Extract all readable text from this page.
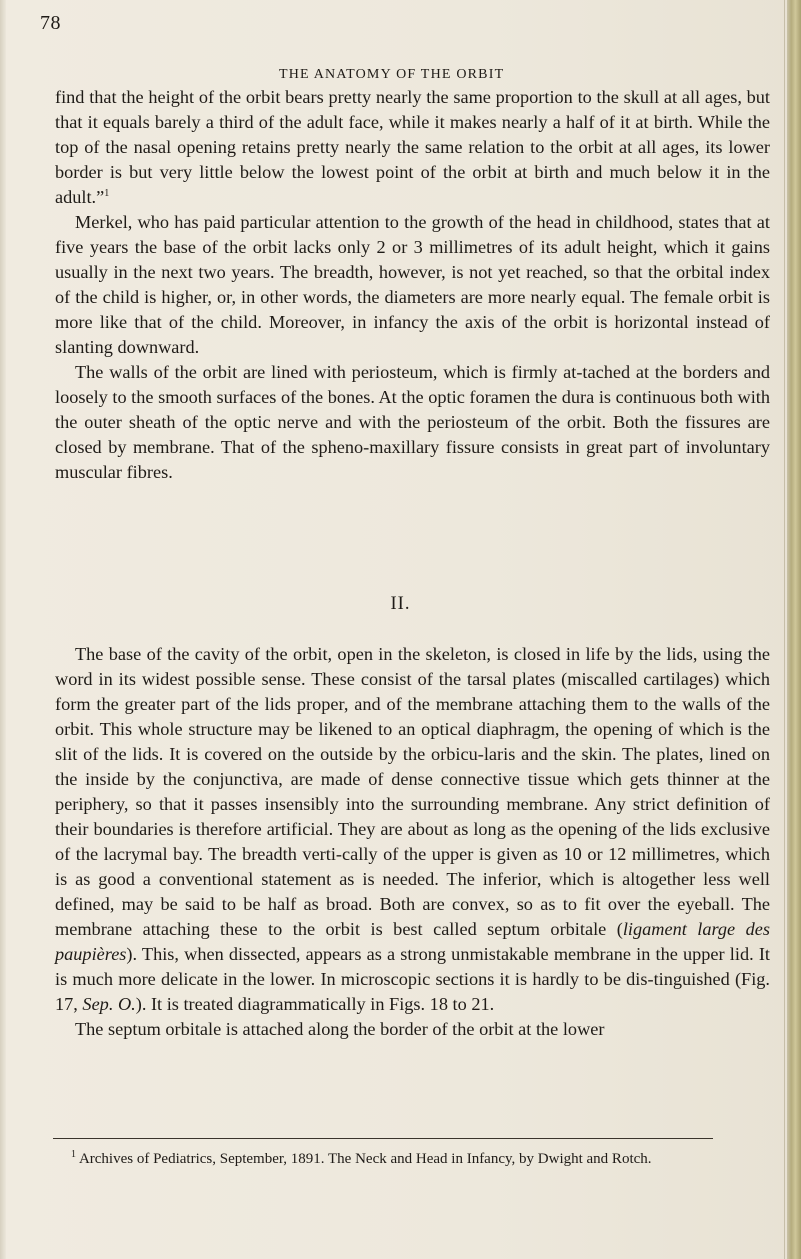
78
THE ANATOMY OF THE ORBIT

find that the height of the orbit bears pretty nearly the same proportion to the skull at all ages, but that it equals barely a third of the adult face, while it makes nearly a half of it at birth. While the top of the nasal opening retains pretty nearly the same relation to the orbit at all ages, its lower border is but very little below the lowest point of the orbit at birth and much below it in the adult.”$^1$

Merkel, who has paid particular attention to the growth of the head in childhood, states that at five years the base of the orbit lacks only 2 or 3 millimetres of its adult height, which it gains usually in the next two years. The breadth, however, is not yet reached, so that the orbital index of the child is higher, or, in other words, the diameters are more nearly equal. The female orbit is more like that of the child. Moreover, in infancy the axis of the orbit is horizontal instead of slanting downward.

The walls of the orbit are lined with periosteum, which is firmly at-tached at the borders and loosely to the smooth surfaces of the bones. At the optic foramen the dura is continuous both with the outer sheath of the optic nerve and with the periosteum of the orbit. Both the fissures are closed by membrane. That of the spheno-maxillary fissure consists in great part of involuntary muscular fibres.

II.

The base of the cavity of the orbit, open in the skeleton, is closed in life by the lids, using the word in its widest possible sense. These consist of the tarsal plates (miscalled cartilages) which form the greater part of the lids proper, and of the membrane attaching them to the walls of the orbit. This whole structure may be likened to an optical diaphragm, the opening of which is the slit of the lids. It is covered on the outside by the orbicu-laris and the skin. The plates, lined on the inside by the conjunctiva, are made of dense connective tissue which gets thinner at the periphery, so that it passes insensibly into the surrounding membrane. Any strict definition of their boundaries is therefore artificial. They are about as long as the opening of the lids exclusive of the lacrymal bay. The breadth verti-cally of the upper is given as 10 or 12 millimetres, which is as good a conventional statement as is needed. The inferior, which is altogether less well defined, may be said to be half as broad. Both are convex, so as to fit over the eyeball. The membrane attaching these to the orbit is best called septum orbitale (ligament large des paupières). This, when dissected, appears as a strong unmistakable membrane in the upper lid. It is much more delicate in the lower. In microscopic sections it is hardly to be dis-tinguished (Fig. 17, Sep. O.). It is treated diagrammatically in Figs. 18 to 21.

The septum orbitale is attached along the border of the orbit at the lower

$^1$ Archives of Pediatrics, September, 1891. The Neck and Head in Infancy, by Dwight and Rotch.
